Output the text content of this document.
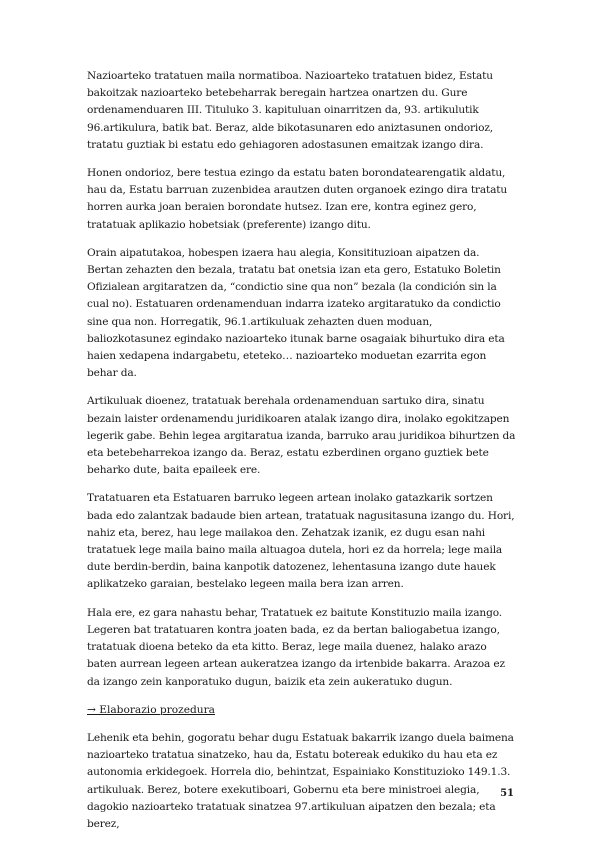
Nazioarteko tratatuen maila normatiboa. Nazioarteko tratatuen bidez, Estatu bakoitzak nazioarteko betebeharrak beregain hartzea onartzen du. Gure ordenamenduaren III. Tituluko 3. kapituluan oinarritzen da, 93. artikulutik 96.artikulura, batik bat. Beraz, alde bikotasunaren edo aniztasunen ondorioz, tratatu guztiak bi estatu edo gehiagoren adostasunen emaitzak izango dira.

Honen ondorioz, bere testua ezingo da estatu baten borondatearengatik aldatu, hau da, Estatu barruan zuzenbidea arautzen duten organoek ezingo dira tratatu horren aurka joan beraien borondate hutsez. Izan ere, kontra eginez gero, tratatuak aplikazio hobetsiak (preferente) izango ditu.

Orain aipatutakoa, hobespen izaera hau alegia, Konsitituzioan aipatzen da. Bertan zehazten den bezala, tratatu bat onetsia izan eta gero, Estatuko Boletin Ofizialean argitaratzen da, “condictio sine qua non” bezala (la condición sin la cual no). Estatuaren ordenamenduan indarra izateko argitaratuko da condictio sine qua non. Horregatik, 96.1.artikuluak zehazten duen moduan, baliozkotasunez egindako nazioarteko itunak barne osagaiak bihurtuko dira eta haien xedapena indargabetu, eteteko… nazioarteko moduetan ezarrita egon behar da.

Artikuluak dioenez, tratatuak berehala ordenamenduan sartuko dira, sinatu bezain laister ordenamendu juridikoaren atalak izango dira, inolako egokitzapen legerik gabe. Behin legea argitaratua izanda, barruko arau juridikoa bihurtzen da eta betebeharrekoa izango da. Beraz, estatu ezberdinen organo guztiek bete beharko dute, baita epaileek ere.

Tratatuaren eta Estatuaren barruko legeen artean inolako gatazkarik sortzen bada edo zalantzak badaude bien artean, tratatuak nagusitasuna izango du. Hori, nahiz eta, berez, hau lege mailakoa den. Zehatzak izanik, ez dugu esan nahi tratatuek lege maila baino maila altuagoa dutela, hori ez da horrela; lege maila dute berdin-berdin, baina kanpotik datozenez, lehentasuna izango dute hauek aplikatzeko garaian, bestelako legeen maila bera izan arren.

Hala ere, ez gara nahastu behar, Tratatuek ez baitute Konstituzio maila izango. Legeren bat tratatuaren kontra joaten bada, ez da bertan baliogabetua izango, tratatuak dioena beteko da eta kitto. Beraz, lege maila duenez, halako arazo baten aurrean legeen artean aukeratzea izango da irtenbide bakarra. Arazoa ez da izango zein kanporatuko dugun, baizik eta zein aukeratuko dugun.

→ Elaborazio prozedura

Lehenik eta behin, gogoratu behar dugu Estatuak bakarrik izango duela baimena nazioarteko tratatua sinatzeko, hau da, Estatu botereak edukiko du hau eta ez autonomia erkidegoek. Horrela dio, behintzat, Espainiako Konstituzioko 149.1.3. artikuluak. Berez, botere exekutiboari, Gobernu eta bere ministroei alegia, dagokio nazioarteko tratatuak sinatzea 97.artikuluan aipatzen den bezala; eta berez,

51
